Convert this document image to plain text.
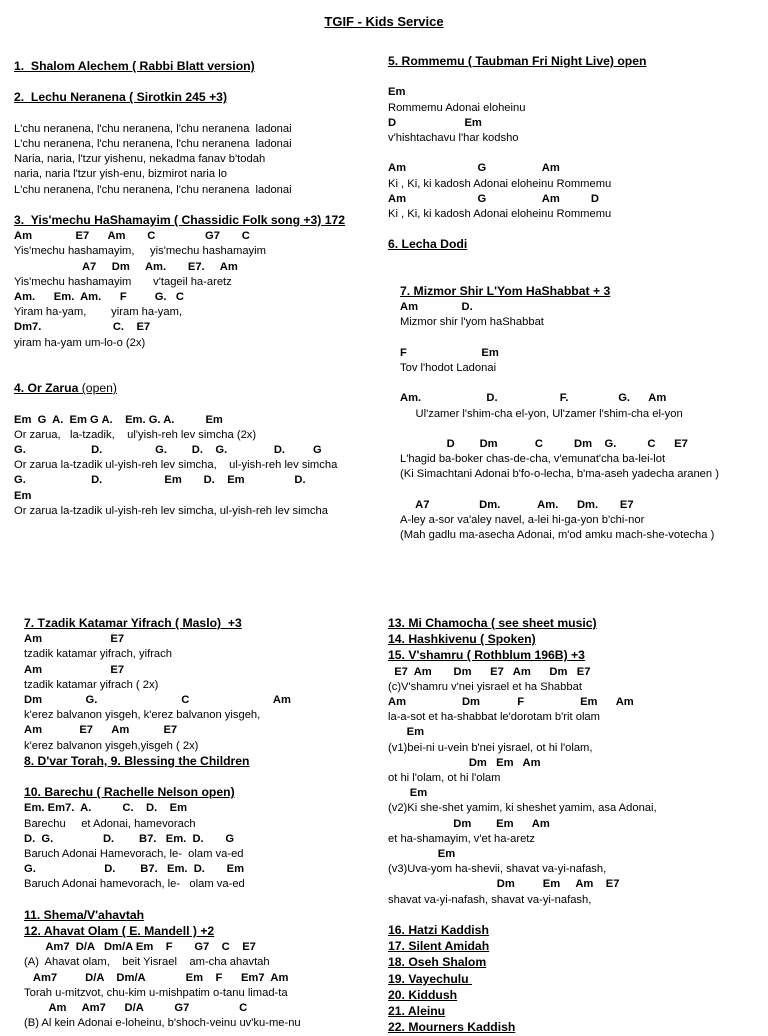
TGIF - Kids Service
1.  Shalom Alechem ( Rabbi Blatt version)
2.  Lechu Neranena ( Sirotkin 245 +3)
L'chu neranena, l'chu neranena, l'chu neranena  ladonai
L'chu neranena, l'chu neranena, l'chu neranena  ladonai
Naria, naria, l'tzur yishenu, nekadma fanav b'todah
naria, naria l'tzur yish-enu, bizmirot naria lo
L'chu neranena, l'chu neranena, l'chu neranena  ladonai
3.  Yis'mechu HaShamayim ( Chassidic Folk song +3) 172
Am              E7      Am       C                G7       C
Yis'mechu hashamayim,     yis'mechu hashamayim
A7     Dm     Am.       E7.     Am
Yis'mechu hashamayim       v'tageil ha-aretz
Am.      Em.  Am.      F         G.   C
Yiram ha-yam,        yiram ha-yam,
Dm7.                       C.    E7
yiram ha-yam um-lo-o (2x)
4. Or Zarua (open)
Em  G  A.  Em G A.    Em. G. A.          Em
Or zarua,   la-tzadik,    ul'yish-reh lev simcha (2x)
G.                     D.                 G.        D.    G.               D.         G
Or zarua la-tzadik ul-yish-reh lev simcha,    ul-yish-reh lev simcha
G.                     D.                    Em       D.    Em                D.
Em
Or zarua la-tzadik ul-yish-reh lev simcha, ul-yish-reh lev simcha
5. Rommemu ( Taubman Fri Night Live) open
Em
Rommemu Adonai eloheinu
D                      Em
v'hishtachavu l'har kodsho
Am                       G                  Am
Ki , Ki, ki kadosh Adonai eloheinu Rommemu
Am                       G                  Am          D
Ki , Ki, ki kadosh Adonai eloheinu Rommemu
6. Lecha Dodi
7. Mizmor Shir L'Yom HaShabbat + 3
Am              D.
Mizmor shir l'yom haShabbat
F                        Em
Tov l'hodot Ladonai
Am.                     D.                    F.                G.      Am
Ul'zamer l'shim-cha el-yon, Ul'zamer l'shim-cha el-yon
D        Dm            C          Dm    G.          C      E7
L'hagid ba-boker chas-de-cha, v'emunat'cha ba-lei-lot
(Ki Simachtani Adonai b'fo-o-lecha, b'ma-aseh yadecha aranen )
A7                Dm.            Am.      Dm.       E7
A-ley a-sor va'aley navel, a-lei hi-ga-yon b'chi-nor
(Mah gadlu ma-asecha Adonai, m'od amku mach-she-votecha )
7. Tzadik Katamar Yifrach ( Maslo)  +3
Am                      E7
tzadik katamar yifrach, yifrach
Am                      E7
tzadik katamar yifrach ( 2x)
Dm              G.                           C                           Am
k'erez balvanon yisgeh, k'erez balvanon yisgeh,
Am            E7      Am           E7
k'erez balvanon yisgeh,yisgeh ( 2x)
8. D'var Torah, 9. Blessing the Children
10. Barechu ( Rachelle Nelson open)
Em. Em7.  A.          C.    D.    Em
Barechu     et Adonai, hamevorach
D.  G.                D.        B7.   Em.  D.       G
Baruch Adonai Hamevorach, le-  olam va-ed
G.                      D.        B7.   Em.  D.       Em
Baruch Adonai hamevorach, le-   olam va-ed
11. Shema/V'ahavtah
12. Ahavat Olam ( E. Mandell ) +2
Am7  D/A   Dm/A Em    F       G7    C    E7
(A)  Ahavat olam,    beit Yisrael    am-cha ahavtah
Am7         D/A    Dm/A             Em    F      Em7  Am
Torah u-mitzvot, chu-kim u-mishpatim o-tanu limad-ta
Am     Am7      D/A          G7                C
(B) Al kein Adonai e-loheinu, b'shoch-veinu uv'ku-me-nu
13. Mi Chamocha ( see sheet music)
14. Hashkivenu ( Spoken)
15. V'shamru ( Rothblum 196B) +3
E7  Am       Dm      E7   Am      Dm   E7
(c)V'shamru v'nei yisrael et ha Shabbat
Am                  Dm            F                  Em      Am
la-a-sot et ha-shabbat le'dorotam b'rit olam
Em
(v1)bei-ni u-vein b'nei yisrael, ot hi l'olam,
Dm   Em   Am
ot hi l'olam, ot hi l'olam
Em
(v2)Ki she-shet yamim, ki sheshet yamim, asa Adonai,
Dm        Em      Am
et ha-shamayim, v'et ha-aretz
Em
(v3)Uva-yom ha-shevii, shavat va-yi-nafash,
Dm         Em     Am    E7
shavat va-yi-nafash, shavat va-yi-nafash,
16. Hatzi Kaddish
17. Silent Amidah
18. Oseh Shalom
19. Vayechulu
20. Kiddush
21. Aleinu
22. Mourners Kaddish
